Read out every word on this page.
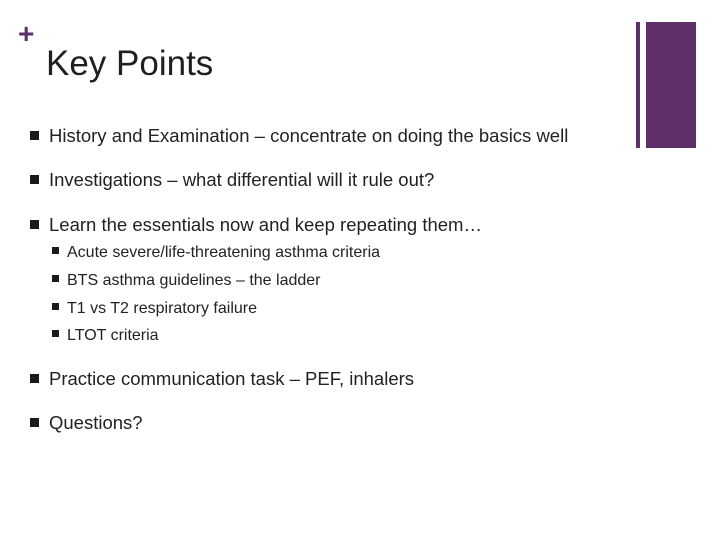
+
Key Points
History and Examination – concentrate on doing the basics well
Investigations – what differential will it rule out?
Learn the essentials now and keep repeating them…
Acute severe/life-threatening asthma criteria
BTS asthma guidelines – the ladder
T1 vs T2 respiratory failure
LTOT criteria
Practice communication task – PEF, inhalers
Questions?
